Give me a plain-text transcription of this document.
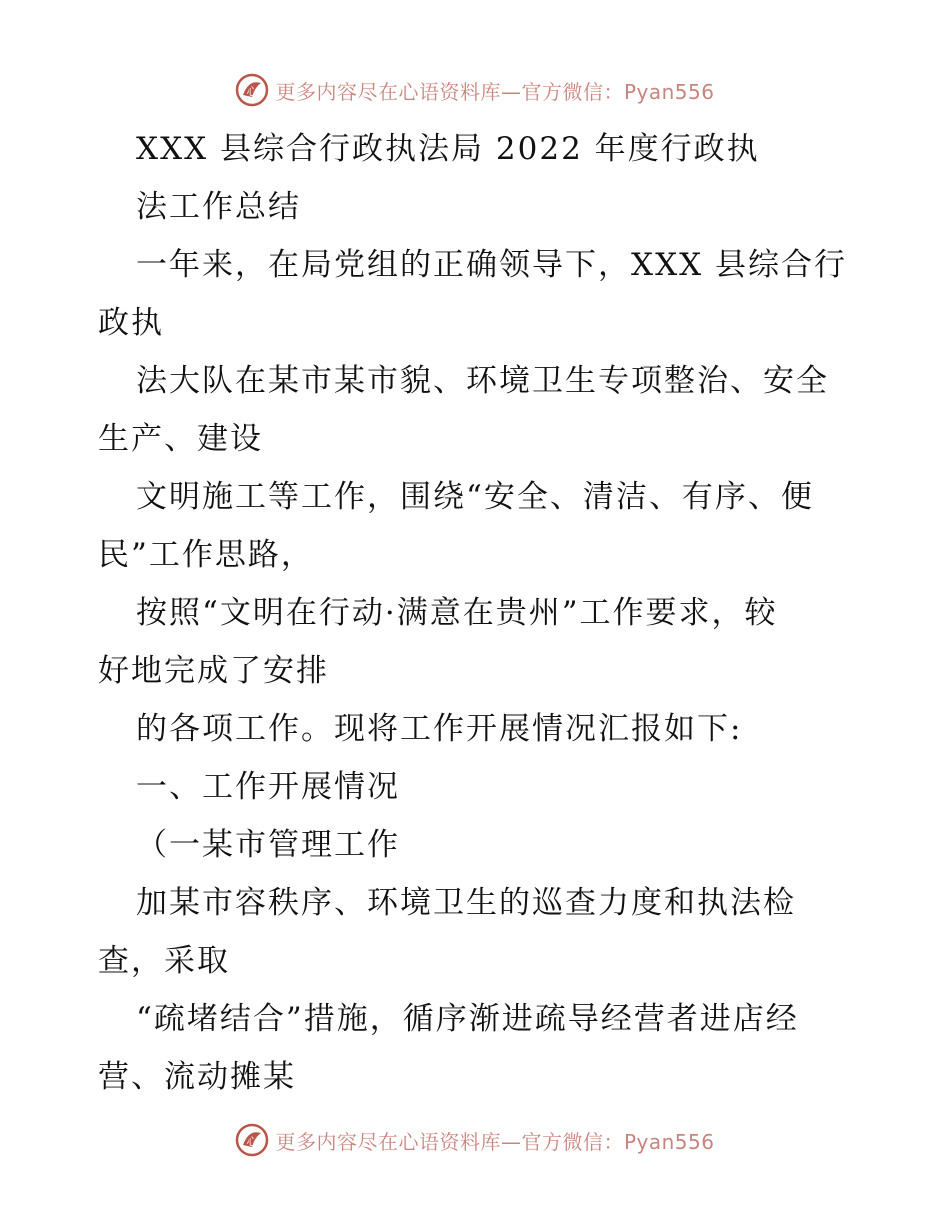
心 更多内容尽在心语资料库—官方微信：Pyan556
XXX 县综合行政执法局 2022 年度行政执
法工作总结
一年来，在局党组的正确领导下，XXX 县综合行
政执
法大队在某市某市貌、环境卫生专项整治、安全
生产、建设
文明施工等工作，围绕“安全、清洁、有序、便
民”工作思路，
按照“文明在行动·满意在贵州”工作要求，较
好地完成了安排
的各项工作。现将工作开展情况汇报如下:
一、工作开展情况
（一某市管理工作
加某市容秩序、环境卫生的巡查力度和执法检
查，采取
“疏堵结合”措施，循序渐进疏导经营者进店经
营、流动摊某
心 更多内容尽在心语资料库—官方微信：Pyan556
